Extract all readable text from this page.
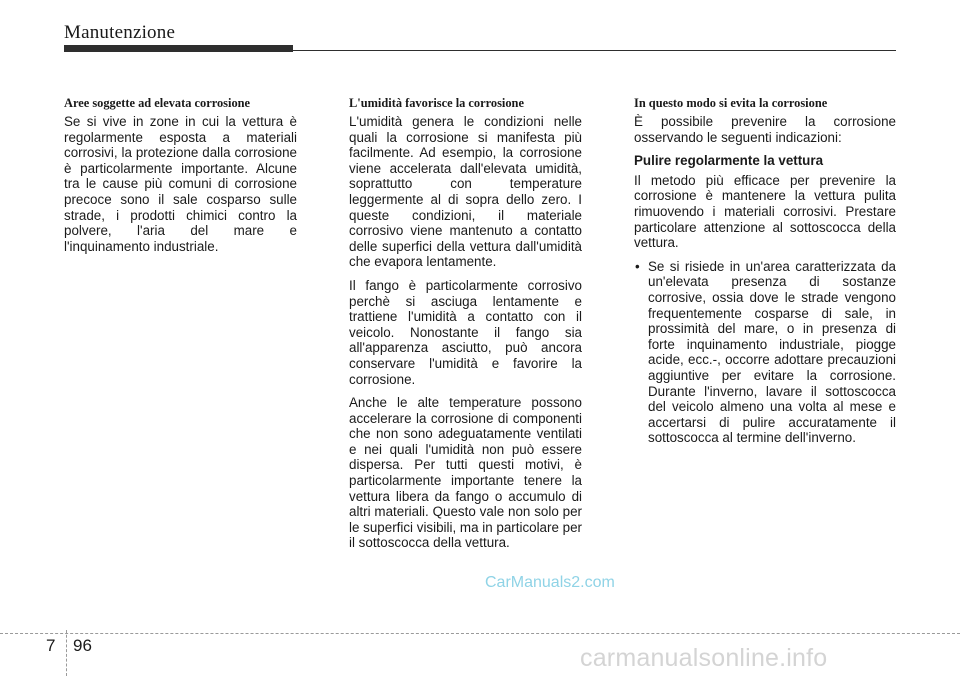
Manutenzione
Aree soggette ad elevata corrosione

Se si vive in zone in cui la vettura è regolarmente esposta a materiali corrosivi, la protezione dalla corrosione è particolarmente importante. Alcune tra le cause più comuni di corrosione precoce sono il sale cosparso sulle strade, i prodotti chimici contro la polvere, l'aria del mare e l'inquinamento industriale.

L'umidità favorisce la corrosione

L'umidità genera le condizioni nelle quali la corrosione si manifesta più facilmente. Ad esempio, la corrosione viene accelerata dall'elevata umidità, soprattutto con temperature leggermente al di sopra dello zero. I queste condizioni, il materiale corrosivo viene mantenuto a contatto delle superfici della vettura dall'umidità che evapora lentamente.

Il fango è particolarmente corrosivo perchè si asciuga lentamente e trattiene l'umidità a contatto con il veicolo. Nonostante il fango sia all'apparenza asciutto, può ancora conservare l'umidità e favorire la corrosione.

Anche le alte temperature possono accelerare la corrosione di componenti che non sono adeguatamente ventilati e nei quali l'umidità non può essere dispersa. Per tutti questi motivi, è particolarmente importante tenere la vettura libera da fango o accumulo di altri materiali. Questo vale non solo per le superfici visibili, ma in particolare per il sottoscocca della vettura.

In questo modo si evita la corrosione

È possibile prevenire la corrosione osservando le seguenti indicazioni:

Pulire regolarmente la vettura

Il metodo più efficace per prevenire la corrosione è mantenere la vettura pulita rimuovendo i materiali corrosivi. Prestare particolare attenzione al sottoscocca della vettura.

• Se si risiede in un'area caratterizzata da un'elevata presenza di sostanze corrosive, ossia dove le strade vengono frequentemente cosparse di sale, in prossimità del mare, o in presenza di forte inquinamento industriale, piogge acide, ecc.-, occorre adottare precauzioni aggiuntive per evitare la corrosione. Durante l'inverno, lavare il sottoscocca del veicolo almeno una volta al mese e accertarsi di pulire accuratamente il sottoscocca al termine dell'inverno.
CarManuals2.com
7 96	carmanualsonline.info
